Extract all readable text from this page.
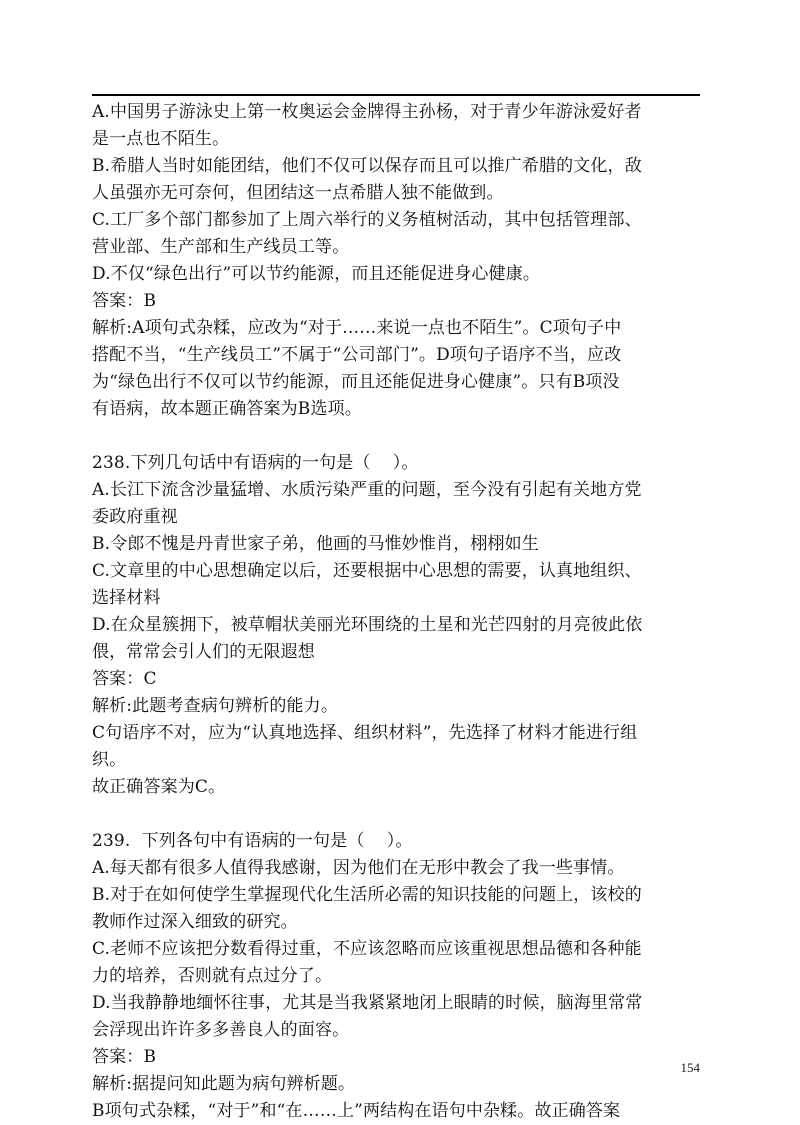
A.中国男子游泳史上第一枚奥运会金牌得主孙杨，对于青少年游泳爱好者
是一点也不陌生。
B.希腊人当时如能团结，他们不仅可以保存而且可以推广希腊的文化，敌
人虽强亦无可奈何，但团结这一点希腊人独不能做到。
C.工厂多个部门都参加了上周六举行的义务植树活动，其中包括管理部、
营业部、生产部和生产线员工等。
D.不仅“绿色出行”可以节约能源，而且还能促进身心健康。
答案：B
解析:A项句式杂糅，应改为“对于……来说一点也不陌生”。C项句子中
搭配不当，“生产线员工”不属于“公司部门”。D项句子语序不当，应改
为“绿色出行不仅可以节约能源，而且还能促进身心健康”。只有B项没
有语病，故本题正确答案为B选项。
238.下列几句话中有语病的一句是（    ）。
A.长江下流含沙量猛增、水质污染严重的问题，至今没有引起有关地方党
委政府重视
B.令郎不愧是丹青世家子弟，他画的马惟妙惟肖，栩栩如生
C.文章里的中心思想确定以后，还要根据中心思想的需要，认真地组织、
选择材料
D.在众星簇拥下，被草帽状美丽光环围绕的土星和光芒四射的月亮彼此依
偎，常常会引人们的无限遐想
答案：C
解析:此题考查病句辨析的能力。
C句语序不对，应为“认真地选择、组织材料”，先选择了材料才能进行组
织。
故正确答案为C。
239.  下列各句中有语病的一句是（    ）。
A.每天都有很多人值得我感谢，因为他们在无形中教会了我一些事情。
B.对于在如何使学生掌握现代化生活所必需的知识技能的问题上，该校的
教师作过深入细致的研究。
C.老师不应该把分数看得过重，不应该忽略而应该重视思想品德和各种能
力的培养，否则就有点过分了。
D.当我静静地缅怀往事，尤其是当我紧紧地闭上眼睛的时候，脑海里常常
会浮现出许许多多善良人的面容。
答案：B
解析:据提问知此题为病句辨析题。
B项句式杂糅，“对于”和“在……上”两结构在语句中杂糅。故正确答案
154
